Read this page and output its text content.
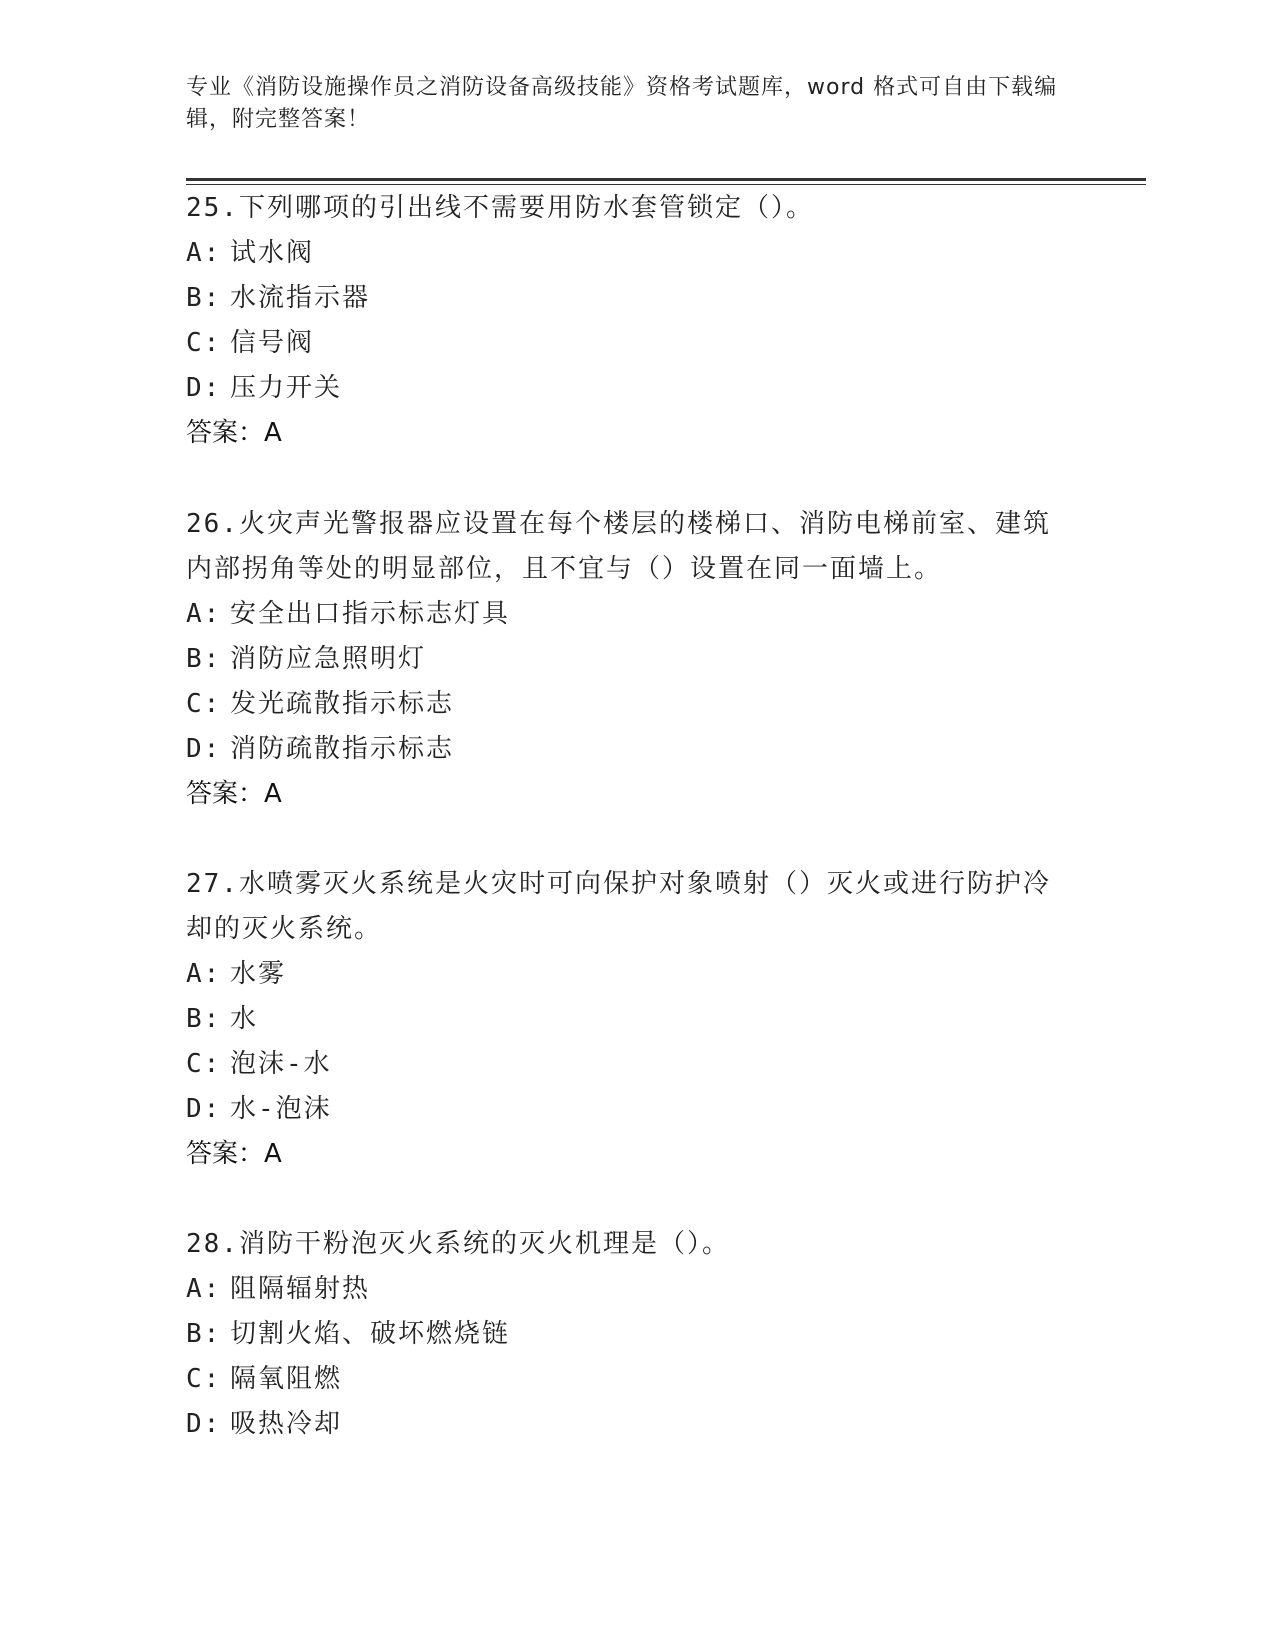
专业《消防设施操作员之消防设备高级技能》资格考试题库，word 格式可自由下载编辑，附完整答案！

25.下列哪项的引出线不需要用防水套管锁定（）。

A: 试水阀

B: 水流指示器

C: 信号阀

D: 压力开关

答案：A

26.火灾声光警报器应设置在每个楼层的楼梯口、消防电梯前室、建筑内部拐角等处的明显部位，且不宜与（）设置在同一面墙上。

A: 安全出口指示标志灯具

B: 消防应急照明灯

C: 发光疏散指示标志

D: 消防疏散指示标志

答案：A

27.水喷雾灭火系统是火灾时可向保护对象喷射（）灭火或进行防护冷却的灭火系统。

A: 水雾

B: 水

C: 泡沫-水

D: 水-泡沫

答案：A

28.消防干粉泡灭火系统的灭火机理是（）。

A: 阻隔辐射热

B: 切割火焰、破坏燃烧链

C: 隔氧阻燃

D: 吸热冷却
